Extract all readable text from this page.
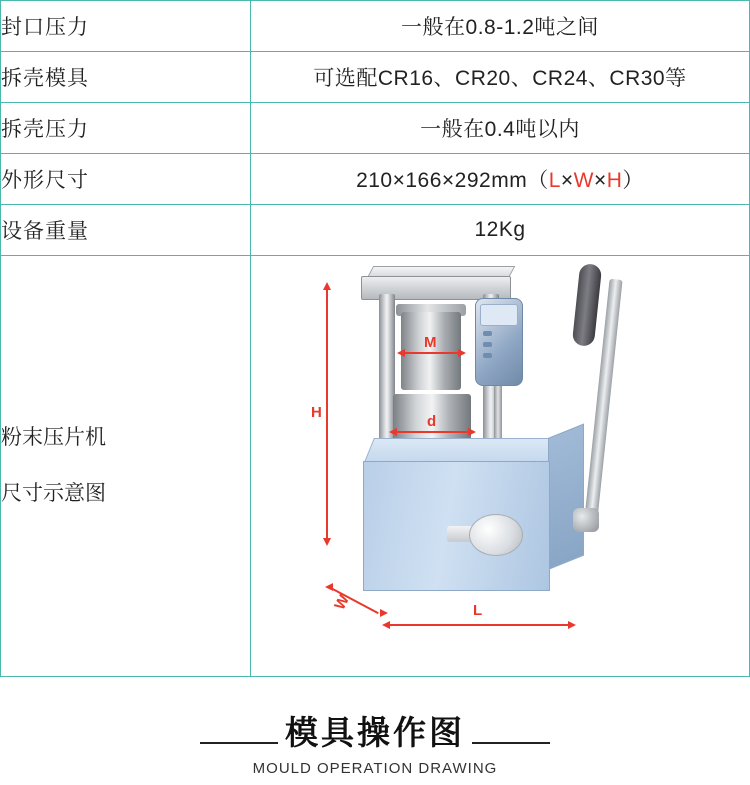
封口压力	一般在0.8-1.2吨之间
拆壳模具	可选配CR16、CR20、CR24、CR30等
拆壳压力	一般在0.4吨以内
外形尺寸	210×166×292mm（L×W×H）
设备重量	12Kg

粉末压片机
尺寸示意图

M
d
H
W	L
模具操作图
MOULD OPERATION DRAWING
